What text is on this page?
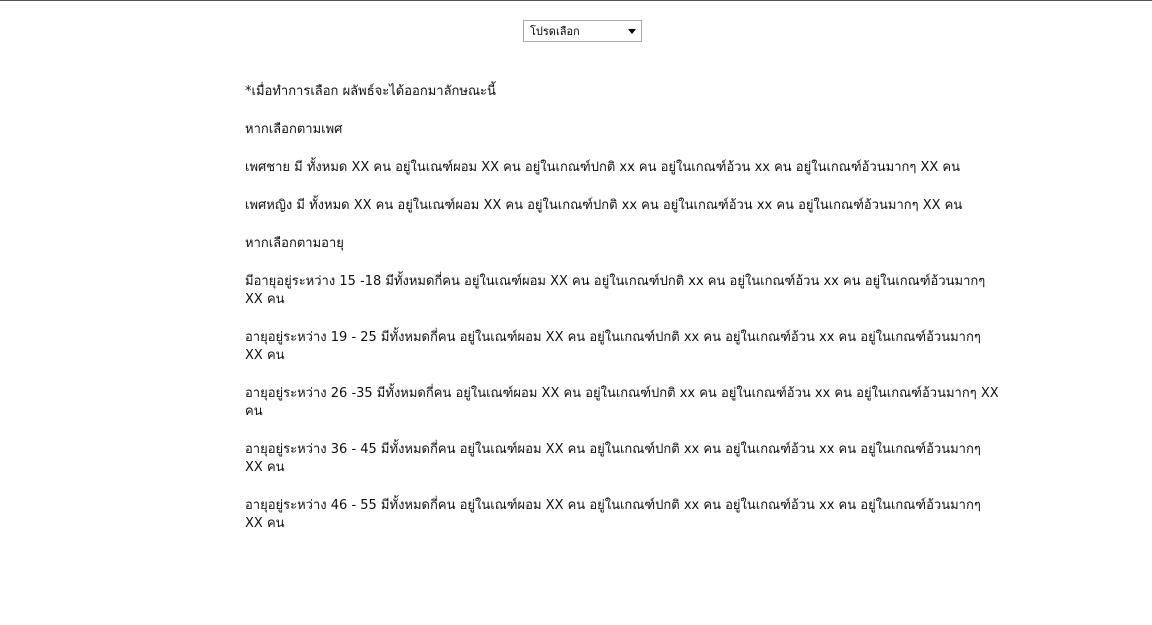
โปรดเลือก

*เมื่อทำการเลือก ผลัพธ์จะได้ออกมาลักษณะนี้

หากเลือกตามเพศ

เพศชาย มี ทั้งหมด XX คน อยู่ในเณฑ์ผอม XX คน อยู่ในเกณฑ์ปกติ xx คน อยู่ในเกณฑ์อ้วน xx คน อยู่ในเกณฑ์อ้วนมากๆ XX คน

เพศหญิง มี ทั้งหมด XX คน อยู่ในเณฑ์ผอม XX คน อยู่ในเกณฑ์ปกติ xx คน อยู่ในเกณฑ์อ้วน xx คน อยู่ในเกณฑ์อ้วนมากๆ XX คน

หากเลือกตามอายุ

มีอายุอยู่ระหว่าง 15 -18 มีทั้งหมดกี่คน อยู่ในเณฑ์ผอม XX คน อยู่ในเกณฑ์ปกติ xx คน อยู่ในเกณฑ์อ้วน xx คน อยู่ในเกณฑ์อ้วนมากๆ XX คน

อายุอยู่ระหว่าง 19 - 25 มีทั้งหมดกี่คน อยู่ในเณฑ์ผอม XX คน อยู่ในเกณฑ์ปกติ xx คน อยู่ในเกณฑ์อ้วน xx คน อยู่ในเกณฑ์อ้วนมากๆ XX คน

อายุอยู่ระหว่าง 26 -35 มีทั้งหมดกี่คน อยู่ในเณฑ์ผอม XX คน อยู่ในเกณฑ์ปกติ xx คน อยู่ในเกณฑ์อ้วน xx คน อยู่ในเกณฑ์อ้วนมากๆ XX คน

อายุอยู่ระหว่าง 36 - 45 มีทั้งหมดกี่คน อยู่ในเณฑ์ผอม XX คน อยู่ในเกณฑ์ปกติ xx คน อยู่ในเกณฑ์อ้วน xx คน อยู่ในเกณฑ์อ้วนมากๆ XX คน

อายุอยู่ระหว่าง 46 - 55 มีทั้งหมดกี่คน อยู่ในเณฑ์ผอม XX คน อยู่ในเกณฑ์ปกติ xx คน อยู่ในเกณฑ์อ้วน xx คน อยู่ในเกณฑ์อ้วนมากๆ XX คน
